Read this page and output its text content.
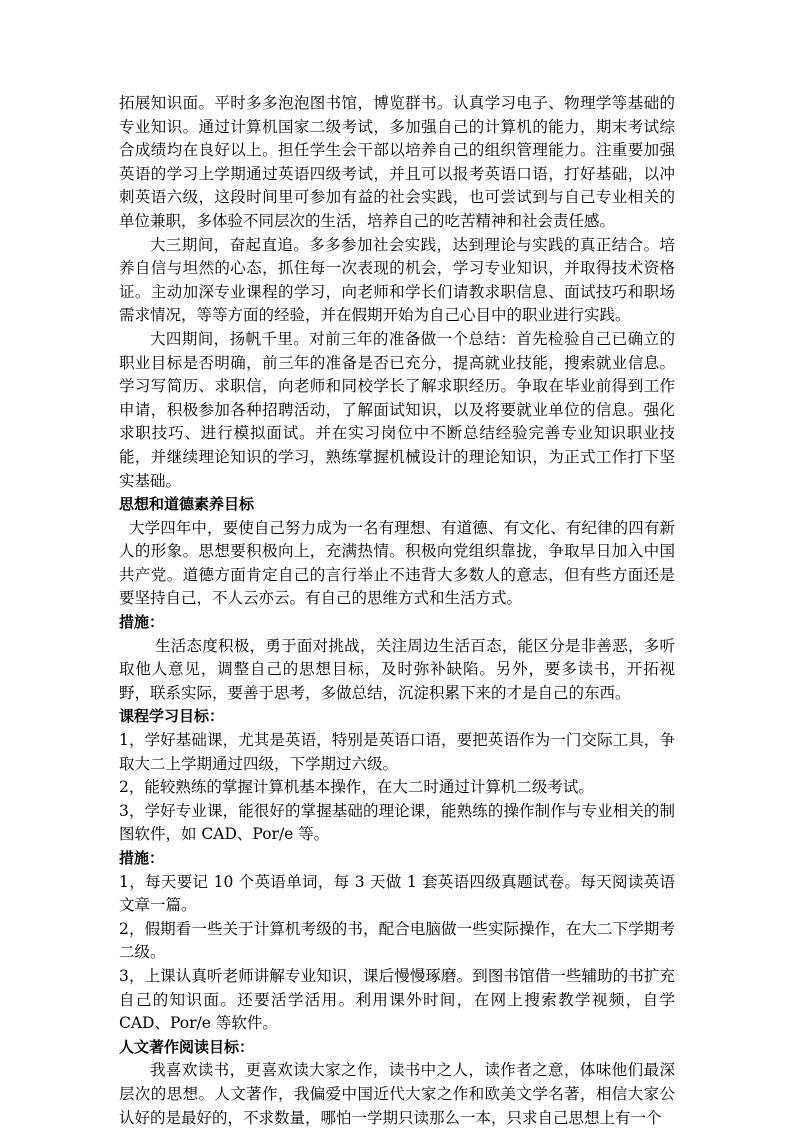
拓展知识面。平时多多泡泡图书馆，博览群书。认真学习电子、物理学等基础的专业知识。通过计算机国家二级考试，多加强自己的计算机的能力，期末考试综合成绩均在良好以上。担任学生会干部以培养自己的组织管理能力。注重要加强英语的学习上学期通过英语四级考试，并且可以报考英语口语，打好基础，以冲刺英语六级，这段时间里可参加有益的社会实践，也可尝试到与自己专业相关的单位兼职，多体验不同层次的生活，培养自己的吃苦精神和社会责任感。

大三期间，奋起直追。多多参加社会实践，达到理论与实践的真正结合。培养自信与坦然的心态，抓住每一次表现的机会，学习专业知识，并取得技术资格证。主动加深专业课程的学习，向老师和学长们请教求职信息、面试技巧和职场需求情况，等等方面的经验，并在假期开始为自己心目中的职业进行实践。

大四期间，扬帆千里。对前三年的准备做一个总结：首先检验自己已确立的职业目标是否明确，前三年的准备是否已充分，提高就业技能，搜索就业信息。学习写简历、求职信，向老师和同校学长了解求职经历。争取在毕业前得到工作申请，积极参加各种招聘活动，了解面试知识，以及将要就业单位的信息。强化求职技巧、进行模拟面试。并在实习岗位中不断总结经验完善专业知识职业技能，并继续理论知识的学习，熟练掌握机械设计的理论知识，为正式工作打下坚实基础。

思想和道德素养目标

大学四年中，要使自己努力成为一名有理想、有道德、有文化、有纪律的四有新人的形象。思想要积极向上，充满热情。积极向党组织靠拢，争取早日加入中国共产党。道德方面肯定自己的言行举止不违背大多数人的意志，但有些方面还是要坚持自己，不人云亦云。有自己的思维方式和生活方式。

措施：

生活态度积极，勇于面对挑战，关注周边生活百态，能区分是非善恶，多听取他人意见，调整自己的思想目标，及时弥补缺陷。另外，要多读书，开拓视野，联系实际，要善于思考，多做总结，沉淀积累下来的才是自己的东西。

课程学习目标：

1，学好基础课，尤其是英语，特别是英语口语，要把英语作为一门交际工具，争取大二上学期通过四级，下学期过六级。

2，能较熟练的掌握计算机基本操作，在大二时通过计算机二级考试。

3，学好专业课，能很好的掌握基础的理论课，能熟练的操作制作与专业相关的制图软件，如 CAD、Por/e 等。

措施：

1，每天要记 10 个英语单词，每 3 天做 1 套英语四级真题试卷。每天阅读英语文章一篇。

2，假期看一些关于计算机考级的书，配合电脑做一些实际操作，在大二下学期考二级。

3，上课认真听老师讲解专业知识，课后慢慢琢磨。到图书馆借一些辅助的书扩充自己的知识面。还要活学活用。利用课外时间，在网上搜索教学视频，自学 CAD、Por/e 等软件。

人文著作阅读目标：

我喜欢读书，更喜欢读大家之作，读书中之人，读作者之意，体味他们最深层次的思想。人文著作，我偏爱中国近代大家之作和欧美文学名著，相信大家公认好的是最好的，不求数量，哪怕一学期只读那么一本，只求自己思想上有一个
